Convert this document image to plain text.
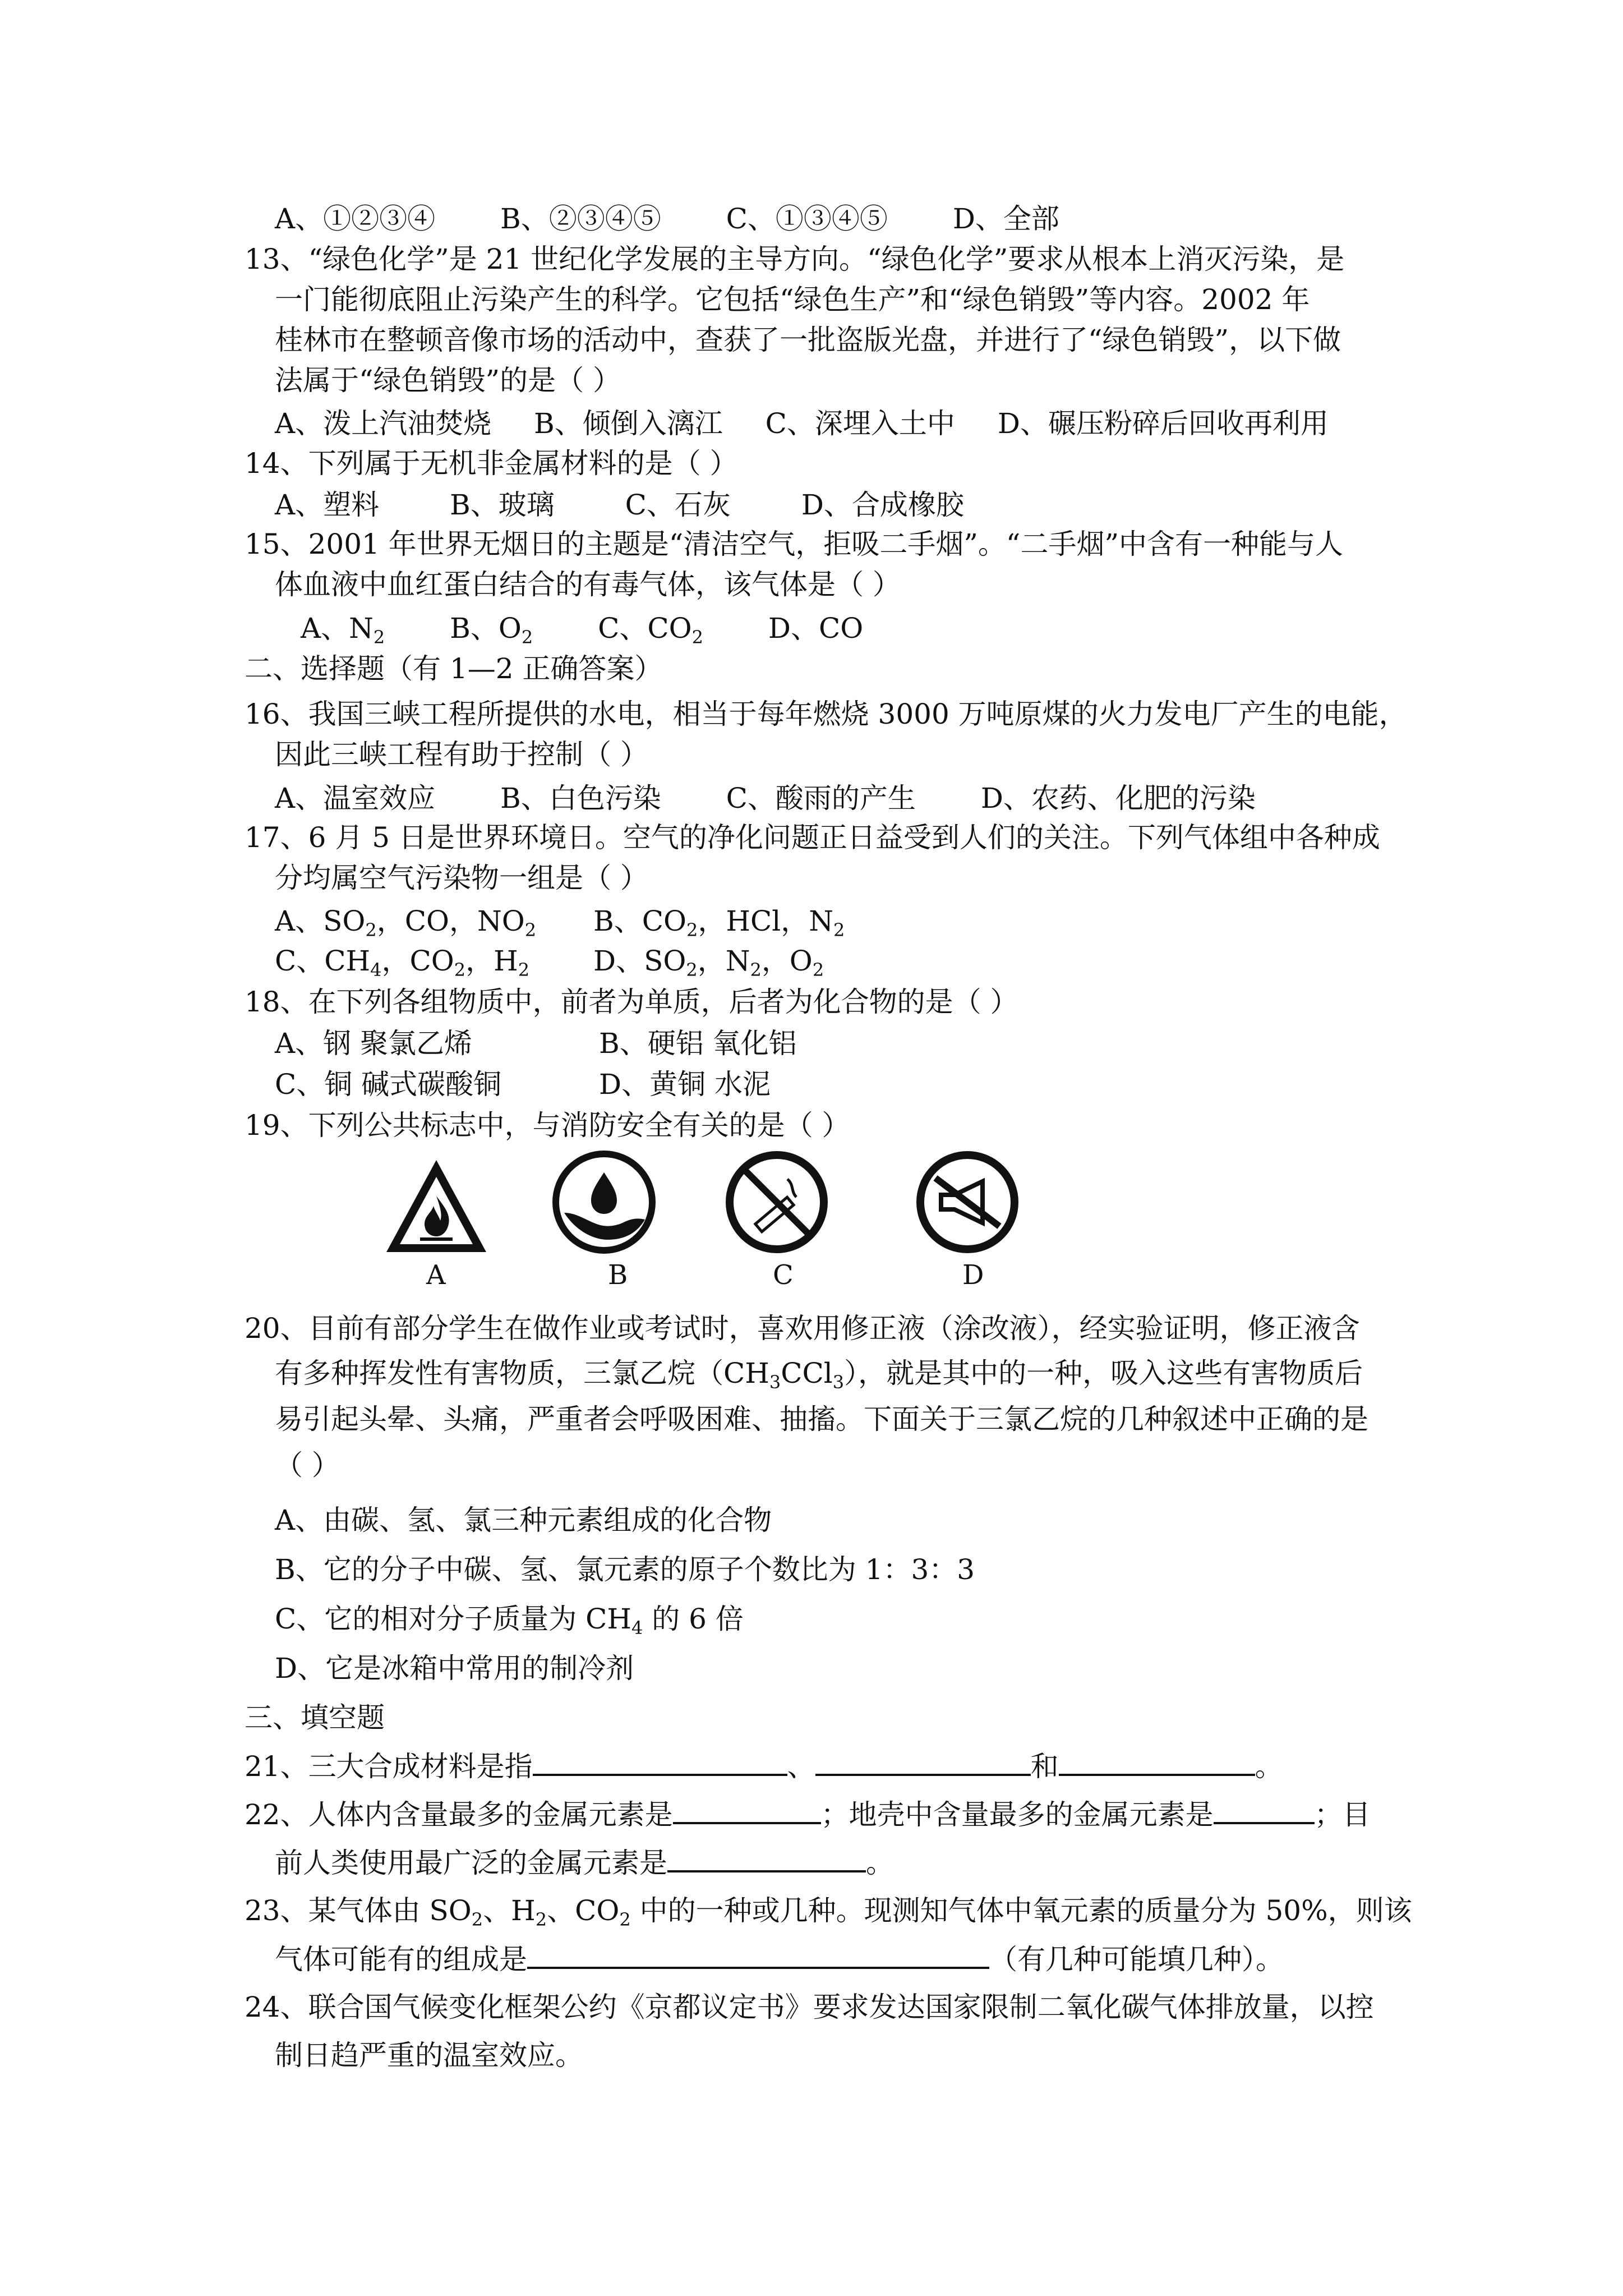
A、①②③④ B、②③④⑤ C、①③④⑤ D、全部
13、“绿色化学”是 21 世纪化学发展的主导方向。“绿色化学”要求从根本上消灭污染，是
一门能彻底阻止污染产生的科学。它包括“绿色生产”和“绿色销毁”等内容。2002 年
桂林市在整顿音像市场的活动中，查获了一批盗版光盘，并进行了“绿色销毁”，以下做
法属于“绿色销毁”的是（ ）
A、泼上汽油焚烧 B、倾倒入漓江 C、深埋入土中 D、碾压粉碎后回收再利用
14、下列属于无机非金属材料的是（ ）
A、塑料	B、玻璃	C、石灰	D、合成橡胶
15、2001 年世界无烟日的主题是“清洁空气，拒吸二手烟”。“二手烟”中含有一种能与人
体血液中血红蛋白结合的有毒气体，该气体是（ ）
A、$N_2$ B、$O_2$ C、$CO_2$ D、CO
二、选择题（有 1—2 正确答案）
16、我国三峡工程所提供的水电，相当于每年燃烧 3000 万吨原煤的火力发电厂产生的电能，
因此三峡工程有助于控制（ ）
A、温室效应 B、白色污染 C、酸雨的产生 D、农药、化肥的污染
17、6 月 5 日是世界环境日。空气的净化问题正日益受到人们的关注。下列气体组中各种成
分均属空气污染物一组是（ ）
A、$SO_2$，CO，$NO_2$ B、$CO_2$，HCl，$N_2$
C、$CH_4$，$CO_2$，$H_2$ D、$SO_2$，$N_2$，$O_2$
18、在下列各组物质中，前者为单质，后者为化合物的是（ ）
A、钢 聚氯乙烯	B、硬铝 氧化铝
C、铜 碱式碳酸铜	D、黄铜 水泥
19、下列公共标志中，与消防安全有关的是（ ）
A	B	C	D
20、目前有部分学生在做作业或考试时，喜欢用修正液（涂改液），经实验证明，修正液含
有多种挥发性有害物质，三氯乙烷$(CH_3CCl_3)$，就是其中的一种，吸入这些有害物质后
易引起头晕、头痛，严重者会呼吸困难、抽搐。下面关于三氯乙烷的几种叙述中正确的是
（ ）
A、由碳、氢、氯三种元素组成的化合物
B、它的分子中碳、氢、氯元素的原子个数比为 1：3：3
C、它的相对分子质量为 $CH_4$ 的 6 倍
D、它是冰箱中常用的制冷剂
三、填空题
21、三大合成材料是指	、	和	。
22、人体内含量最多的金属元素是	；地壳中含量最多的金属元素是	；目
前人类使用最广泛的金属元素是	。
23、某气体由 $SO_2$、$H_2$、$CO_2$ 中的一种或几种。现测知气体中氧元素的质量分为 50%，则该
气体可能有的组成是	（有几种可能填几种）。
24、联合国气候变化框架公约《京都议定书》要求发达国家限制二氧化碳气体排放量，以控
制日趋严重的温室效应。
